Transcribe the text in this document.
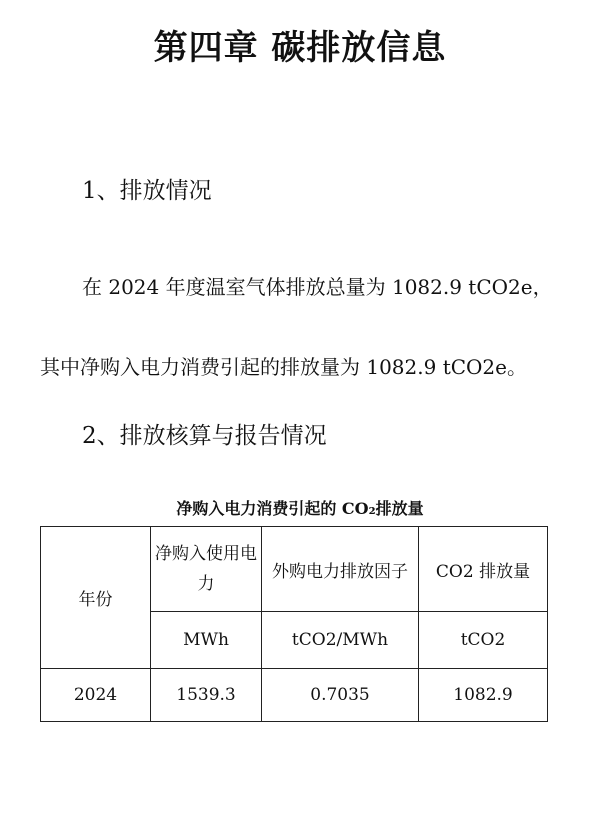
第四章 碳排放信息
1、排放情况

在 2024 年度温室气体排放总量为 1082.9 tCO2e，其中净购入电力消费引起的排放量为 1082.9 tCO2e。

2、排放核算与报告情况
净购入电力消费引起的 CO₂排放量
年份	净购入使用电力	外购电力排放因子	CO2 排放量
	MWh	tCO2/MWh	tCO2
2024	1539.3	0.7035	1082.9
